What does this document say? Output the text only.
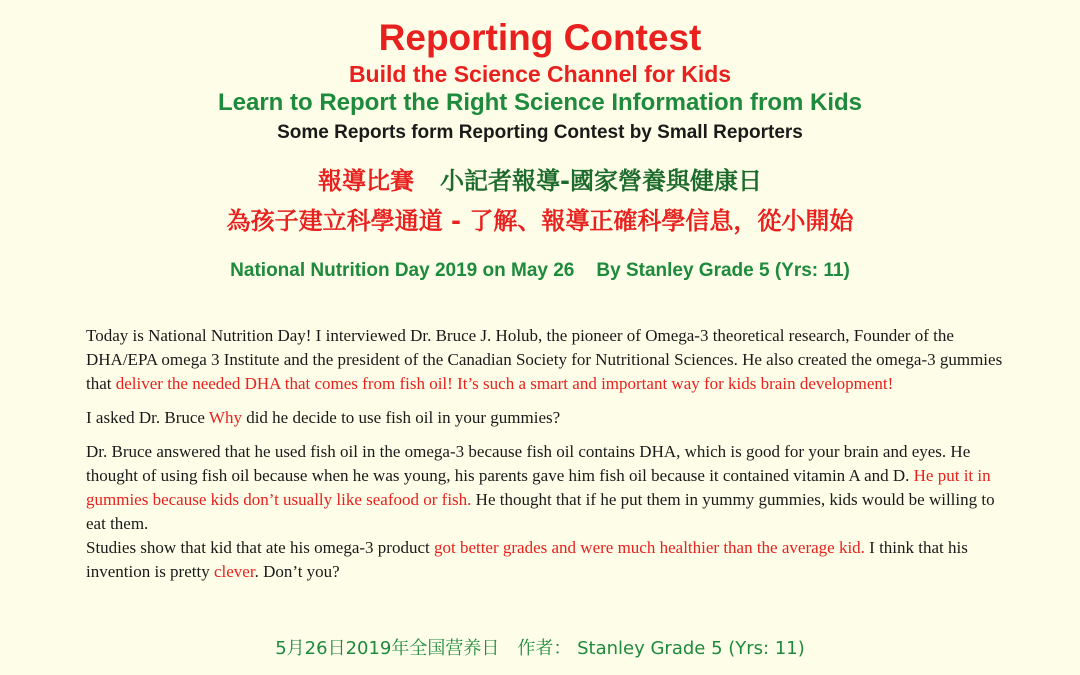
Reporting Contest
Build the Science Channel for Kids
Learn to Report the Right Science Information from Kids
Some Reports form Reporting Contest by Small Reporters
報導比賽 小記者報導-國家營養與健康日
為孩子建立科學通道 - 了解、報導正確科學信息，從小開始
National Nutrition Day 2019 on May 26 By Stanley Grade 5 (Yrs: 11)

Today is National Nutrition Day! I interviewed Dr. Bruce J. Holub, the pioneer of Omega-3 theoretical research, Founder of the DHA/EPA omega 3 Institute and the president of the Canadian Society for Nutritional Sciences. He also created the omega-3 gummies that deliver the needed DHA that comes from fish oil! It’s such a smart and important way for kids brain development!

I asked Dr. Bruce Why did he decide to use fish oil in your gummies?

Dr. Bruce answered that he used fish oil in the omega-3 because fish oil contains DHA, which is good for your brain and eyes. He thought of using fish oil because when he was young, his parents gave him fish oil because it contained vitamin A and D. He put it in gummies because kids don’t usually like seafood or fish. He thought that if he put them in yummy gummies, kids would be willing to eat them.

Studies show that kid that ate his omega-3 product got better grades and were much healthier than the average kid. I think that his invention is pretty clever. Don’t you?

5月26日2019年全国营养日 作者： Stanley Grade 5 (Yrs: 11)
